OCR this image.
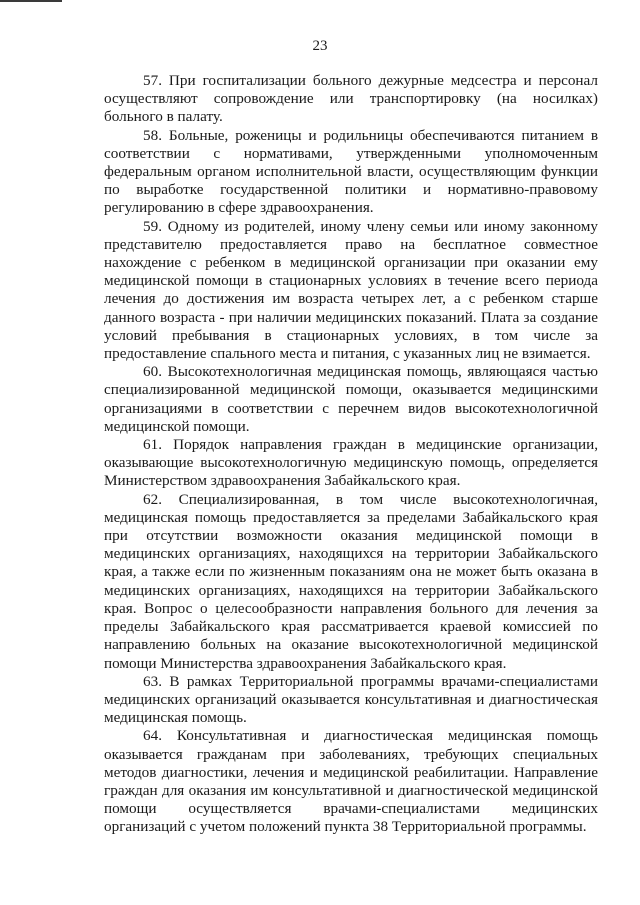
23

57. При госпитализации больного дежурные медсестра и персонал осуществляют сопровождение или транспортировку (на носилках) больного в палату.

58. Больные, роженицы и родильницы обеспечиваются питанием в соответствии с нормативами, утвержденными уполномоченным федеральным органом исполнительной власти, осуществляющим функции по выработке государственной политики и нормативно-правовому регулированию в сфере здравоохранения.

59. Одному из родителей, иному члену семьи или иному законному представителю предоставляется право на бесплатное совместное нахождение с ребенком в медицинской организации при оказании ему медицинской помощи в стационарных условиях в течение всего периода лечения до достижения им возраста четырех лет, а с ребенком старше данного возраста - при наличии медицинских показаний. Плата за создание условий пребывания в стационарных условиях, в том числе за предоставление спального места и питания, с указанных лиц не взимается.

60. Высокотехнологичная медицинская помощь, являющаяся частью специализированной медицинской помощи, оказывается медицинскими организациями в соответствии с перечнем видов высокотехнологичной медицинской помощи.

61. Порядок направления граждан в медицинские организации, оказывающие высокотехнологичную медицинскую помощь, определяется Министерством здравоохранения Забайкальского края.

62. Специализированная, в том числе высокотехнологичная, медицинская помощь предоставляется за пределами Забайкальского края при отсутствии возможности оказания медицинской помощи в медицинских организациях, находящихся на территории Забайкальского края, а также если по жизненным показаниям она не может быть оказана в медицинских организациях, находящихся на территории Забайкальского края. Вопрос о целесообразности направления больного для лечения за пределы Забайкальского края рассматривается краевой комиссией по направлению больных на оказание высокотехнологичной медицинской помощи Министерства здравоохранения Забайкальского края.

63. В рамках Территориальной программы врачами-специалистами медицинских организаций оказывается консультативная и диагностическая медицинская помощь.

64. Консультативная и диагностическая медицинская помощь оказывается гражданам при заболеваниях, требующих специальных методов диагностики, лечения и медицинской реабилитации. Направление граждан для оказания им консультативной и диагностической медицинской помощи осуществляется врачами-специалистами медицинских организаций с учетом положений пункта 38 Территориальной программы.
